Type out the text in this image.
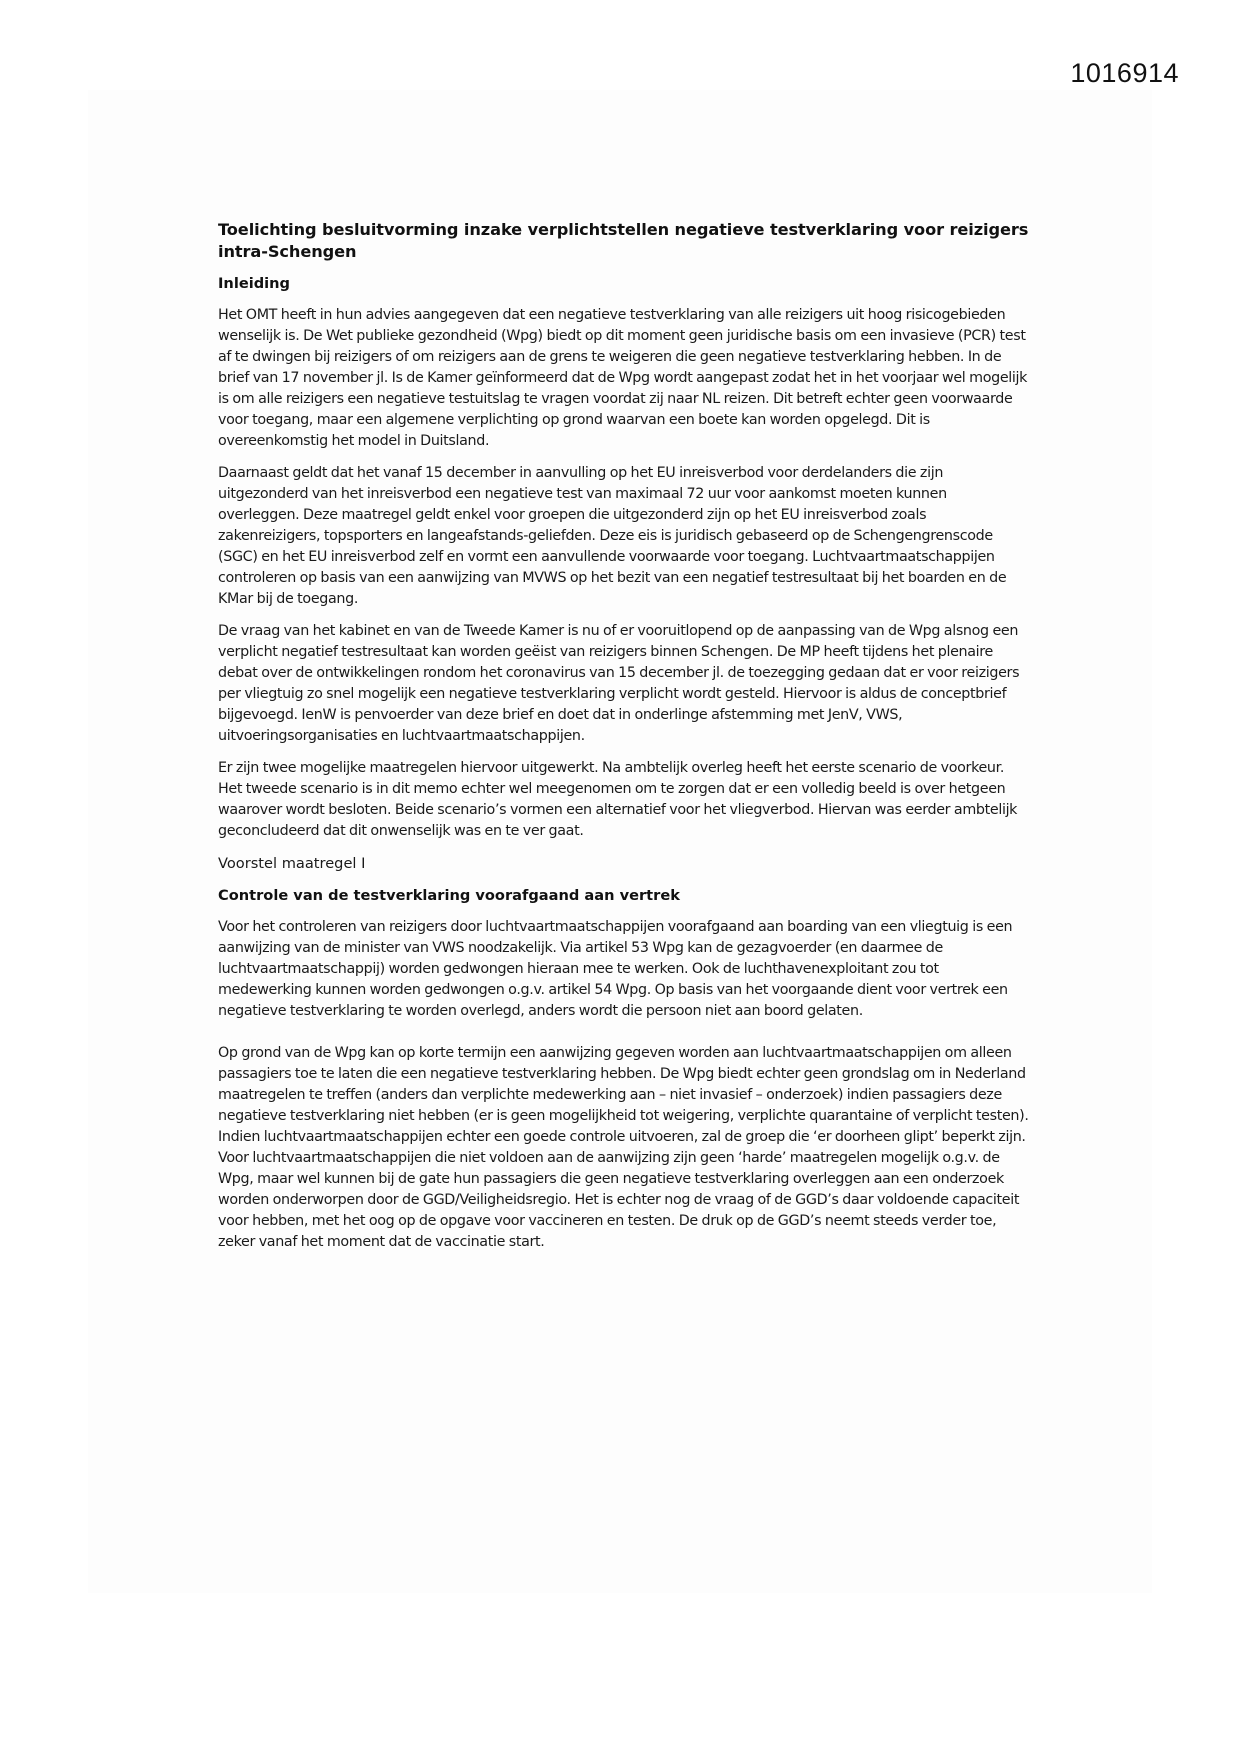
1016914
Toelichting besluitvorming inzake verplichtstellen negatieve testverklaring voor reizigers intra-Schengen
Inleiding

Het OMT heeft in hun advies aangegeven dat een negatieve testverklaring van alle reizigers uit hoog risicogebieden wenselijk is. De Wet publieke gezondheid (Wpg) biedt op dit moment geen juridische basis om een invasieve (PCR) test af te dwingen bij reizigers of om reizigers aan de grens te weigeren die geen negatieve testverklaring hebben. In de brief van 17 november jl. Is de Kamer geïnformeerd dat de Wpg wordt aangepast zodat het in het voorjaar wel mogelijk is om alle reizigers een negatieve testuitslag te vragen voordat zij naar NL reizen. Dit betreft echter geen voorwaarde voor toegang, maar een algemene verplichting op grond waarvan een boete kan worden opgelegd. Dit is overeenkomstig het model in Duitsland.

Daarnaast geldt dat het vanaf 15 december in aanvulling op het EU inreisverbod voor derdelanders die zijn uitgezonderd van het inreisverbod een negatieve test van maximaal 72 uur voor aankomst moeten kunnen overleggen. Deze maatregel geldt enkel voor groepen die uitgezonderd zijn op het EU inreisverbod zoals zakenreizigers, topsporters en langeafstands-geliefden. Deze eis is juridisch gebaseerd op de Schengengrenscode (SGC) en het EU inreisverbod zelf en vormt een aanvullende voorwaarde voor toegang. Luchtvaartmaatschappijen controleren op basis van een aanwijzing van MVWS op het bezit van een negatief testresultaat bij het boarden en de KMar bij de toegang.

De vraag van het kabinet en van de Tweede Kamer is nu of er vooruitlopend op de aanpassing van de Wpg alsnog een verplicht negatief testresultaat kan worden geëist van reizigers binnen Schengen. De MP heeft tijdens het plenaire debat over de ontwikkelingen rondom het coronavirus van 15 december jl. de toezegging gedaan dat er voor reizigers per vliegtuig zo snel mogelijk een negatieve testverklaring verplicht wordt gesteld. Hiervoor is aldus de conceptbrief bijgevoegd. IenW is penvoerder van deze brief en doet dat in onderlinge afstemming met JenV, VWS, uitvoeringsorganisaties en luchtvaartmaatschappijen.

Er zijn twee mogelijke maatregelen hiervoor uitgewerkt. Na ambtelijk overleg heeft het eerste scenario de voorkeur. Het tweede scenario is in dit memo echter wel meegenomen om te zorgen dat er een volledig beeld is over hetgeen waarover wordt besloten. Beide scenario’s vormen een alternatief voor het vliegverbod. Hiervan was eerder ambtelijk geconcludeerd dat dit onwenselijk was en te ver gaat.

Voorstel maatregel I
Controle van de testverklaring voorafgaand aan vertrek

Voor het controleren van reizigers door luchtvaartmaatschappijen voorafgaand aan boarding van een vliegtuig is een aanwijzing van de minister van VWS noodzakelijk. Via artikel 53 Wpg kan de gezagvoerder (en daarmee de luchtvaartmaatschappij) worden gedwongen hieraan mee te werken. Ook de luchthavenexploitant zou tot medewerking kunnen worden gedwongen o.g.v. artikel 54 Wpg. Op basis van het voorgaande dient voor vertrek een negatieve testverklaring te worden overlegd, anders wordt die persoon niet aan boord gelaten.

Op grond van de Wpg kan op korte termijn een aanwijzing gegeven worden aan luchtvaartmaatschappijen om alleen passagiers toe te laten die een negatieve testverklaring hebben. De Wpg biedt echter geen grondslag om in Nederland maatregelen te treffen (anders dan verplichte medewerking aan – niet invasief – onderzoek) indien passagiers deze negatieve testverklaring niet hebben (er is geen mogelijkheid tot weigering, verplichte quarantaine of verplicht testen). Indien luchtvaartmaatschappijen echter een goede controle uitvoeren, zal de groep die ‘er doorheen glipt’ beperkt zijn. Voor luchtvaartmaatschappijen die niet voldoen aan de aanwijzing zijn geen ‘harde’ maatregelen mogelijk o.g.v. de Wpg, maar wel kunnen bij de gate hun passagiers die geen negatieve testverklaring overleggen aan een onderzoek worden onderworpen door de GGD/Veiligheidsregio. Het is echter nog de vraag of de GGD’s daar voldoende capaciteit voor hebben, met het oog op de opgave voor vaccineren en testen. De druk op de GGD’s neemt steeds verder toe, zeker vanaf het moment dat de vaccinatie start.
